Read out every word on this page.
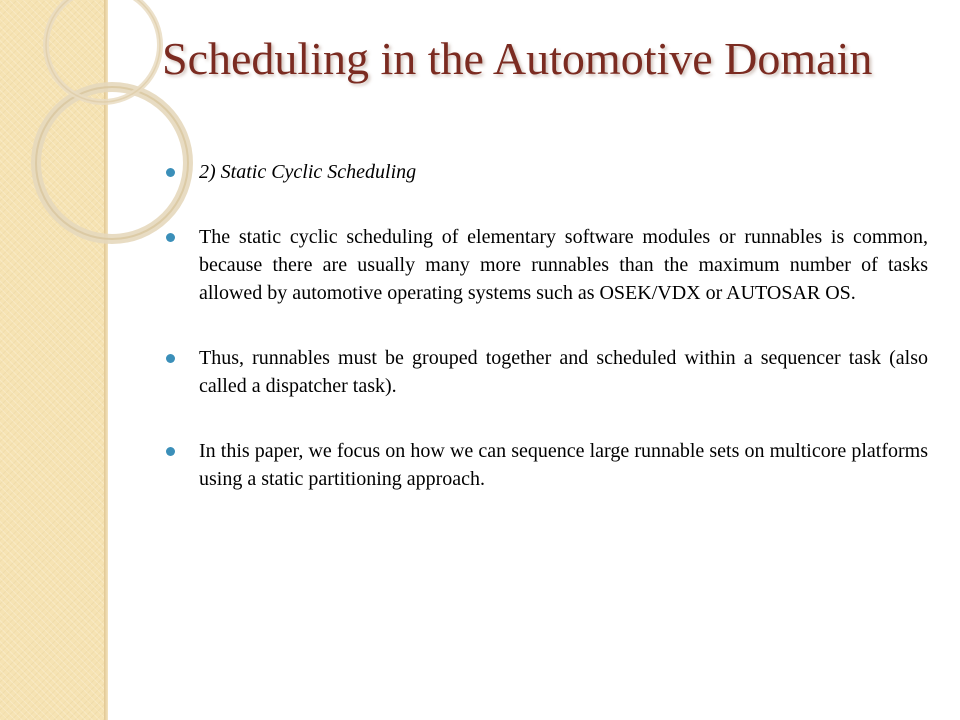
Scheduling in the Automotive Domain
2) Static Cyclic Scheduling
The static cyclic scheduling of elementary software modules or runnables is common, because there are usually many more runnables than the maximum number of tasks allowed by automotive operating systems such as OSEK/VDX or AUTOSAR OS.
Thus, runnables must be grouped together and scheduled within a sequencer task (also called a dispatcher task).
In this paper, we focus on how we can sequence large runnable sets on multicore platforms using a static partitioning approach.
